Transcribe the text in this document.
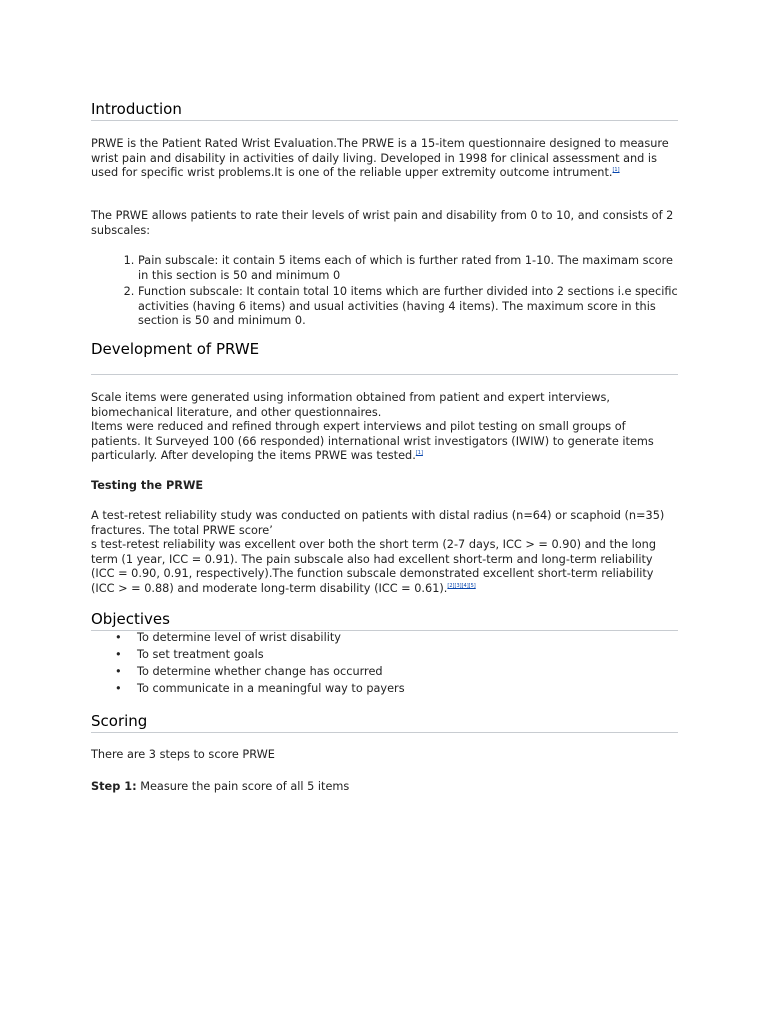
Introduction

PRWE is the Patient Rated Wrist Evaluation.The PRWE is a 15-item questionnaire designed to measure wrist pain and disability in activities of daily living. Developed in 1998 for clinical assessment and is used for specific wrist problems.It is one of the reliable upper extremity outcome intrument.[1]

The PRWE allows patients to rate their levels of wrist pain and disability from 0 to 10, and consists of 2 subscales:

1. Pain subscale: it contain 5 items each of which is further rated from 1-10. The maximam score in this section is 50 and minimum 0
2. Function subscale: It contain total 10 items which are further divided into 2 sections i.e specific activities (having 6 items) and usual activities (having 4 items). The maximum score in this section is 50 and minimum 0.
Development of PRWE

Scale items were generated using information obtained from patient and expert interviews, biomechanical literature, and other questionnaires.
Items were reduced and refined through expert interviews and pilot testing on small groups of patients. It Surveyed 100 (66 responded) international wrist investigators (IWIW) to generate items particularly. After developing the items PRWE was tested.[1]

Testing the PRWE

A test-retest reliability study was conducted on patients with distal radius (n=64) or scaphoid (n=35) fractures. The total PRWE score’
s test-retest reliability was excellent over both the short term (2-7 days, ICC > = 0.90) and the long term (1 year, ICC = 0.91). The pain subscale also had excellent short-term and long-term reliability (ICC = 0.90, 0.91, respectively).The function subscale demonstrated excellent short-term reliability (ICC > = 0.88) and moderate long-term disability (ICC = 0.61).[2][3][4][5]

Objectives
• To determine level of wrist disability
• To set treatment goals
• To determine whether change has occurred
• To communicate in a meaningful way to payers
Scoring

There are 3 steps to score PRWE

Step 1: Measure the pain score of all 5 items
